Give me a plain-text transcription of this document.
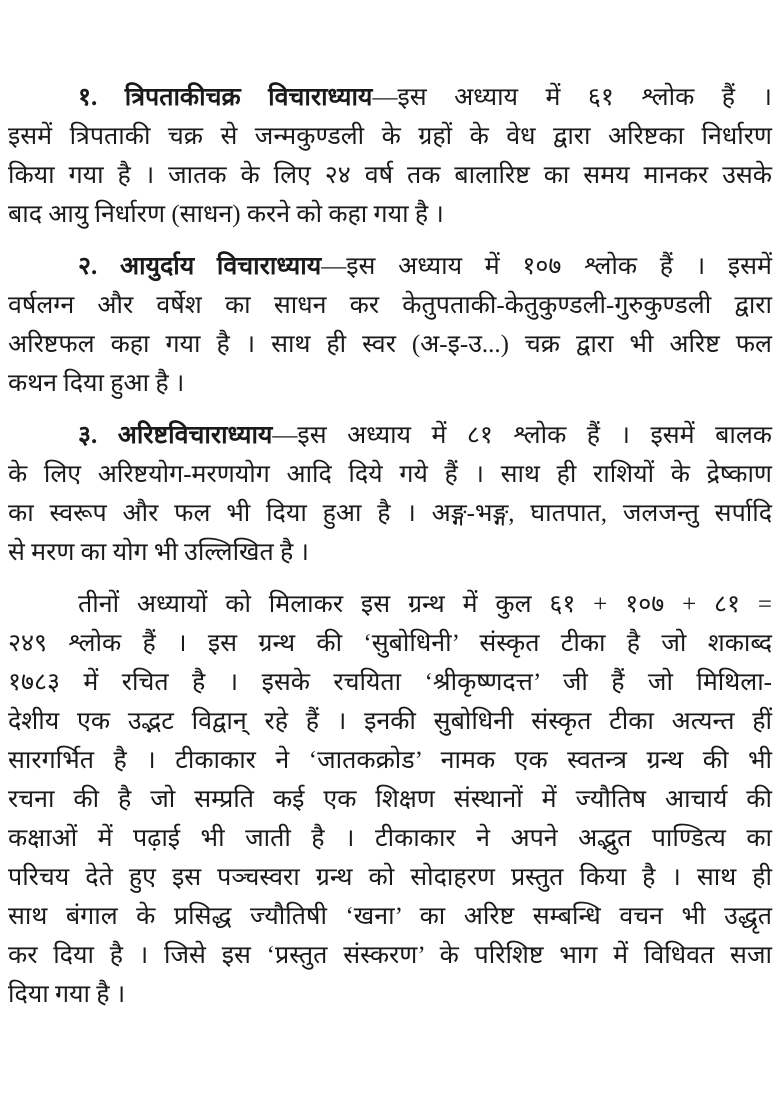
१. त्रिपताकीचक्र विचाराध्याय—इस अध्याय में ६१ श्लोक हैं ।
इसमें त्रिपताकी चक्र से जन्मकुण्डली के ग्रहों के वेध द्वारा अरिष्टका निर्धारण
किया गया है । जातक के लिए २४ वर्ष तक बालारिष्ट का समय मानकर उसके
बाद आयु निर्धारण (साधन) करने को कहा गया है ।
२. आयुर्दाय विचाराध्याय—इस अध्याय में १०७ श्लोक हैं । इसमें
वर्षलग्न और वर्षेश का साधन कर केतुपताकी-केतुकुण्डली-गुरुकुण्डली द्वारा
अरिष्टफल कहा गया है । साथ ही स्वर (अ-इ-उ...) चक्र द्वारा भी अरिष्ट फल
कथन दिया हुआ है ।
३. अरिष्टविचाराध्याय—इस अध्याय में ८१ श्लोक हैं । इसमें बालक
के लिए अरिष्टयोग-मरणयोग आदि दिये गये हैं । साथ ही राशियों के द्रेष्काण
का स्वरूप और फल भी दिया हुआ है । अङ्ग-भङ्ग, घातपात, जलजन्तु सर्पादि
से मरण का योग भी उल्लिखित है ।
तीनों अध्यायों को मिलाकर इस ग्रन्थ में कुल ६१ + १०७ + ८१ =
२४९ श्लोक हैं । इस ग्रन्थ की ‘सुबोधिनी’ संस्कृत टीका है जो शकाब्द
१७८३ में रचित है । इसके रचयिता ‘श्रीकृष्णदत्त’ जी हैं जो मिथिला-
देशीय एक उद्भट विद्वान् रहे हैं । इनकी सुबोधिनी संस्कृत टीका अत्यन्त हीं
सारगर्भित है । टीकाकार ने ‘जातकक्रोड’ नामक एक स्वतन्त्र ग्रन्थ की भी
रचना की है जो सम्प्रति कई एक शिक्षण संस्थानों में ज्यौतिष आचार्य की
कक्षाओं में पढ़ाई भी जाती है । टीकाकार ने अपने अद्भुत पाण्डित्य का
परिचय देते हुए इस पञ्चस्वरा ग्रन्थ को सोदाहरण प्रस्तुत किया है । साथ ही
साथ बंगाल के प्रसिद्ध ज्यौतिषी ‘खना’ का अरिष्ट सम्बन्धि वचन भी उद्धृत
कर दिया है । जिसे इस ‘प्रस्तुत संस्करण’ के परिशिष्ट भाग में विधिवत सजा
दिया गया है ।
